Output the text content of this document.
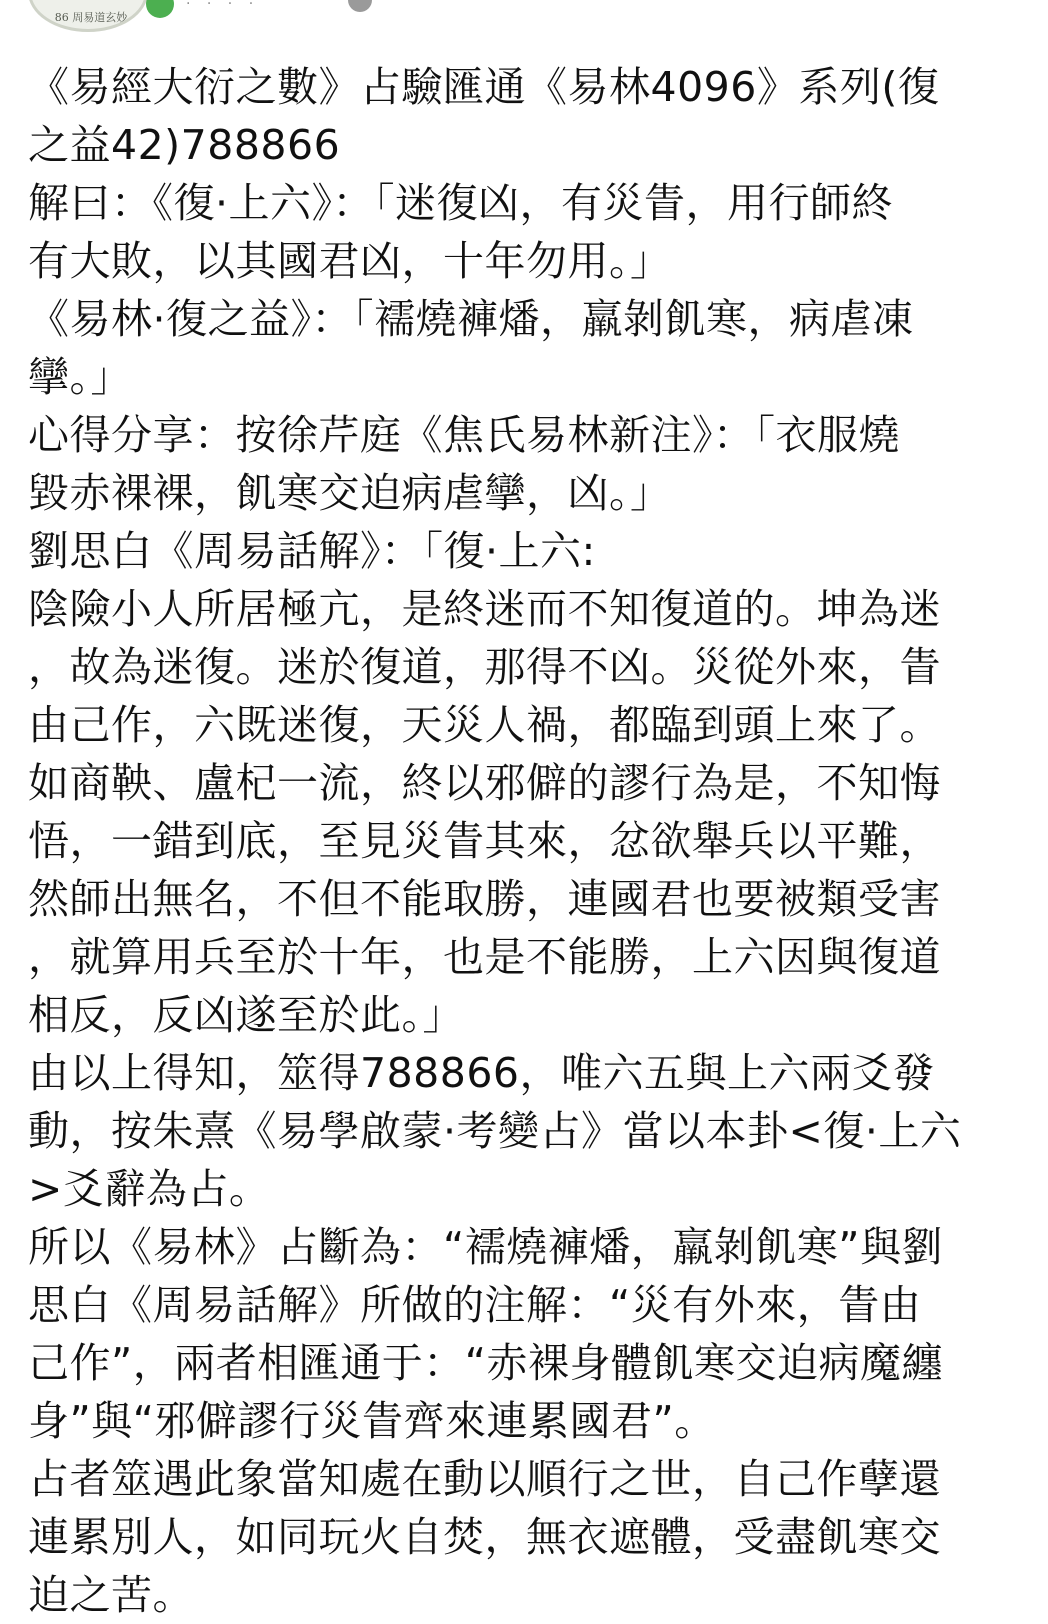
86 周易道玄妙
· · · ·

《易經大衍之數》占驗匯通《易林4096》系列(復

之益42)788866

解曰：《復·上六》：「迷復凶，有災眚，用行師終

有大敗，以其國君凶，十年勿用。」

《易林·復之益》：「襦燒褲燔，羸剝飢寒，病虐凍

攣。」

心得分享：按徐芹庭《焦氏易林新注》：「衣服燒

毀赤裸裸，飢寒交迫病虐攣，凶。」

劉思白《周易話解》：「復·上六:

陰險小人所居極亢，是終迷而不知復道的。坤為迷

，故為迷復。迷於復道，那得不凶。災從外來，眚

由己作，六既迷復，天災人禍，都臨到頭上來了。

如商鞅、盧杞一流，終以邪僻的謬行為是，不知悔

悟，一錯到底，至見災眚其來，忿欲舉兵以平難，

然師出無名，不但不能取勝，連國君也要被類受害

，就算用兵至於十年，也是不能勝，上六因與復道

相反，反凶遂至於此。」

由以上得知，筮得788866，唯六五與上六兩爻發

動，按朱熹《易學啟蒙·考變占》當以本卦<復·上六

>爻辭為占。

所以《易林》占斷為：“襦燒褲燔，羸剝飢寒”與劉

思白《周易話解》所做的注解：“災有外來，眚由

己作”，兩者相匯通于：“赤裸身體飢寒交迫病魔纏

身”與“邪僻謬行災眚齊來連累國君”。

占者筮遇此象當知處在動以順行之世，自己作孽還

連累別人，如同玩火自焚，無衣遮體，受盡飢寒交

迫之苦。
